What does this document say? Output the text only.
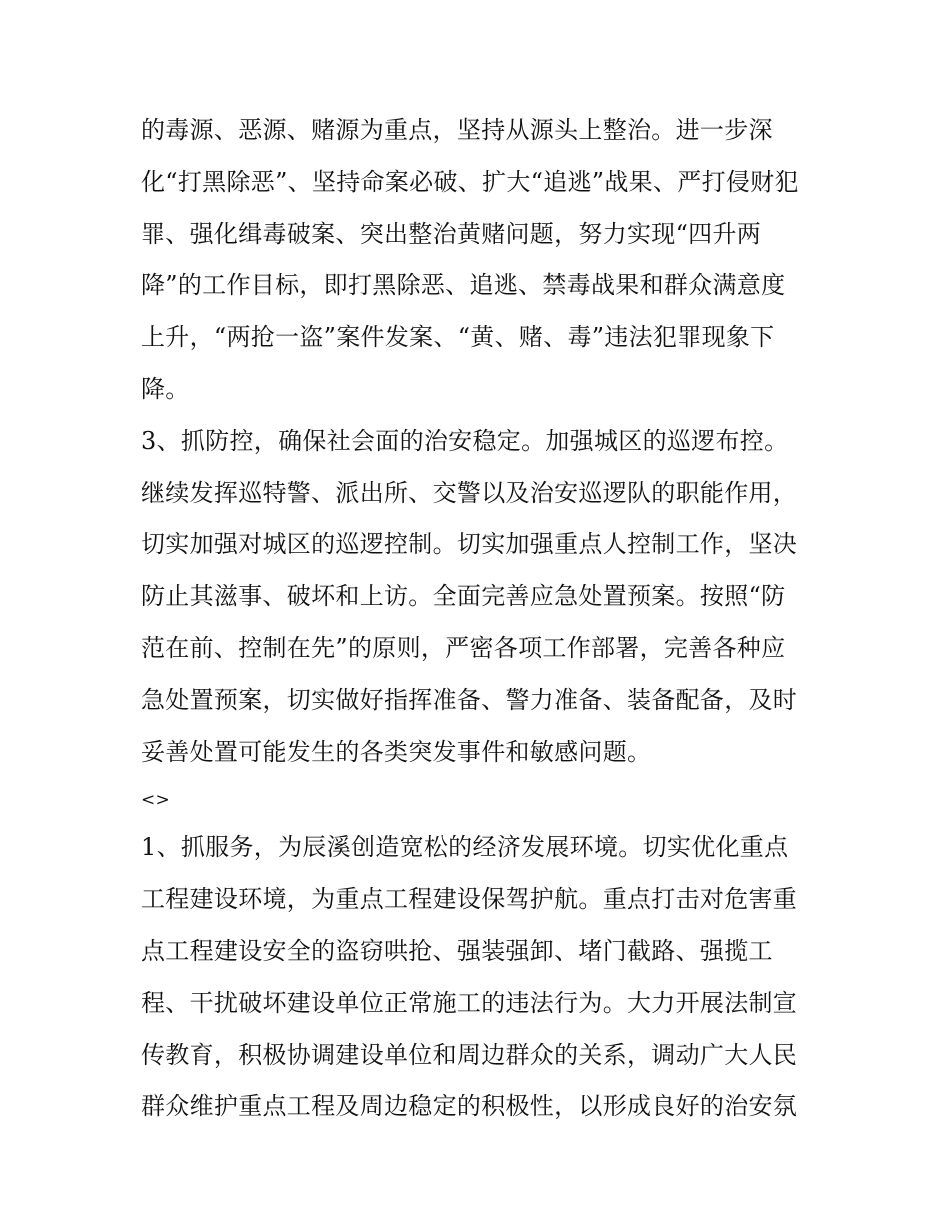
的毒源、恶源、赌源为重点，坚持从源头上整治。进一步深
化“打黑除恶”、坚持命案必破、扩大“追逃”战果、严打侵财犯
罪、强化缉毒破案、突出整治黄赌问题，努力实现“四升两
降”的工作目标，即打黑除恶、追逃、禁毒战果和群众满意度
上升，“两抢一盗”案件发案、“黄、赌、毒”违法犯罪现象下
降。
3、抓防控，确保社会面的治安稳定。加强城区的巡逻布控。
继续发挥巡特警、派出所、交警以及治安巡逻队的职能作用，
切实加强对城区的巡逻控制。切实加强重点人控制工作，坚决
防止其滋事、破坏和上访。全面完善应急处置预案。按照“防
范在前、控制在先”的原则，严密各项工作部署，完善各种应
急处置预案，切实做好指挥准备、警力准备、装备配备，及时
妥善处置可能发生的各类突发事件和敏感问题。
<>
1、抓服务，为辰溪创造宽松的经济发展环境。切实优化重点
工程建设环境，为重点工程建设保驾护航。重点打击对危害重
点工程建设安全的盗窃哄抢、强装强卸、堵门截路、强揽工
程、干扰破坏建设单位正常施工的违法行为。大力开展法制宣
传教育，积极协调建设单位和周边群众的关系，调动广大人民
群众维护重点工程及周边稳定的积极性，以形成良好的治安氛
